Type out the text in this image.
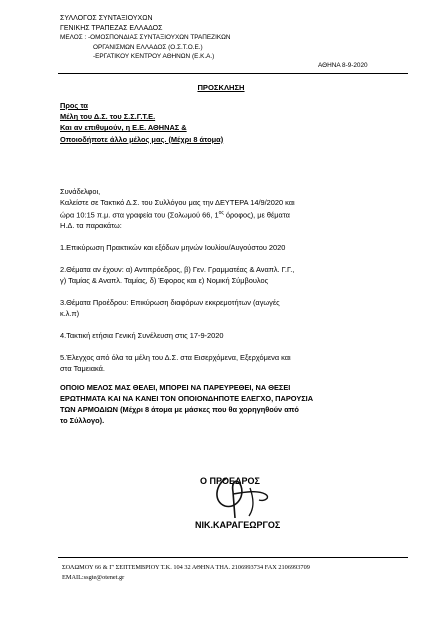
ΣΥΛΛΟΓΟΣ ΣΥΝΤΑΞΙΟΥΧΩΝ
ΓΕΝΙΚΗΣ ΤΡΑΠΕΖΑΣ ΕΛΛΑΔΟΣ
ΜΕΛΟΣ : -ΟΜΟΣΠΟΝΔΙΑΣ ΣΥΝΤΑΞΙΟΥΧΩΝ ΤΡΑΠΕΖΙΚΩΝ
ΟΡΓΑΝΙΣΜΩΝ ΕΛΛΑΔΟΣ (Ο.Σ.Τ.Ο.Ε.)
-ΕΡΓΑΤΙΚΟΥ ΚΕΝΤΡΟΥ ΑΘΗΝΩΝ (Ε.Κ.Α.)
ΑΘΗΝΑ 8-9-2020
ΠΡΟΣΚΛΗΣΗ
Προς τα
Μέλη του Δ.Σ. του Σ.Σ.Γ.Τ.Ε.
Και αν επιθυμούν, η Ε.Ε. ΑΘΗΝΑΣ &
Οποιοδήποτε άλλο μέλος μας. (Μέχρι 8 άτομα)

Συνάδελφοι,

Καλείστε σε Τακτικό Δ.Σ. του Συλλόγου μας την ΔΕΥΤΕΡΑ 14/9/2020 και

ώρα 10:15 π.μ. στα γραφεία του (Σολωμού 66, $1^{o\varsigma}$ όροφος), με θέματα

Η.Δ. τα παρακάτω:

1.Επικύρωση Πρακτικών και εξόδων μηνών Ιουλίου/Αυγούστου 2020

2.Θέματα αν έχουν: α) Αντιπρόεδρος, β) Γεν. Γραμματέας & Αναπλ. Γ.Γ.,

γ) Ταμίας & Αναπλ. Ταμίας, δ) Έφορος και ε) Νομική Σύμβουλος

3.Θέματα Προέδρου: Επικύρωση διαφόρων εκκρεμοτήτων (αγωγές

κ.λ.π)

4.Τακτική ετήσια Γενική Συνέλευση στις 17-9-2020

5.Έλεγχος από όλα τα μέλη του Δ.Σ. στα Εισερχόμενα, Εξερχόμενα και

στα Ταμειακά.

ΟΠΟΙΟ ΜΕΛΟΣ ΜΑΣ ΘΕΛΕΙ, ΜΠΟΡΕΙ ΝΑ ΠΑΡΕΥΡΕΘΕΙ, ΝΑ ΘΕΣΕΙ

ΕΡΩΤΗΜΑΤΑ ΚΑΙ ΝΑ ΚΑΝΕΙ ΤΟΝ ΟΠΟΙΟΝΔΗΠΟΤΕ ΕΛΕΓΧΟ, ΠΑΡΟΥΣΙΑ

ΤΩΝ ΑΡΜΟΔΙΩΝ (Μέχρι 8 άτομα με μάσκες που θα χορηγηθούν από

το Σύλλογο).

Ο ΠΡΟΕΔΡΟΣ
ΝΙΚ.ΚΑΡΑΓΕΩΡΓΟΣ
ΣΟΛΩΜΟΥ 66 & Γ' ΣΕΠΤΕΜΒΡΙΟΥ Τ.Κ. 104 32 ΑΘΗΝΑ ΤΗΛ. 2106993734 FAX 2106993709
EMAIL:ssgte@otenet.gr
